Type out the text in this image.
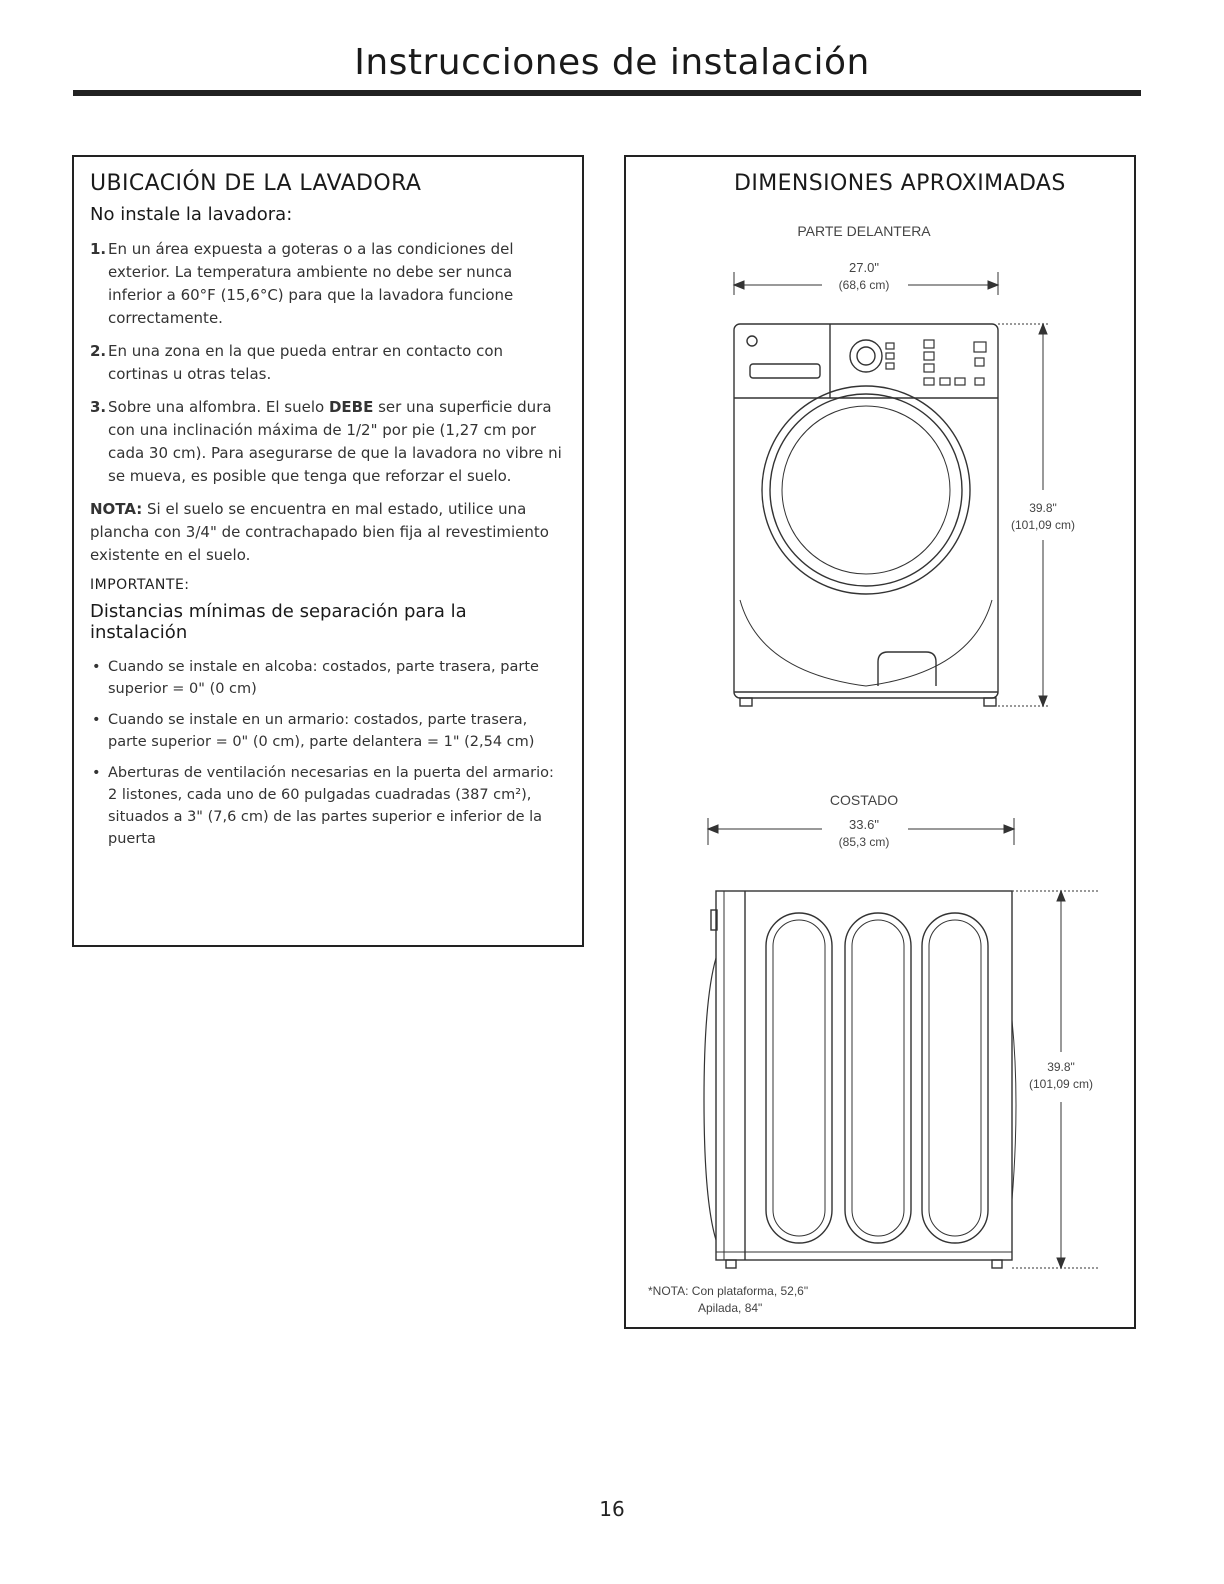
Instrucciones de instalación
UBICACIÓN DE LA LAVADORA
No instale la lavadora:
1. En un área expuesta a goteras o a las condiciones del exterior. La temperatura ambiente no debe ser nunca inferior a 60°F (15,6°C) para que la lavadora funcione correctamente.
2. En una zona en la que pueda entrar en contacto con cortinas u otras telas.
3. Sobre una alfombra. El suelo DEBE ser una superficie dura con una inclinación máxima de 1/2" por pie (1,27 cm por cada 30 cm). Para asegurarse de que la lavadora no vibre ni se mueva, es posible que tenga que reforzar el suelo.

NOTA: Si el suelo se encuentra en mal estado, utilice una plancha con 3/4" de contrachapado bien fija al revestimiento existente en el suelo.

IMPORTANTE:
Distancias mínimas de separación para la instalación
• Cuando se instale en alcoba: costados, parte trasera, parte superior = 0" (0 cm)
• Cuando se instale en un armario: costados, parte trasera, parte superior = 0" (0 cm), parte delantera = 1" (2,54 cm)
• Aberturas de ventilación necesarias en la puerta del armario: 2 listones, cada uno de 60 pulgadas cuadradas (387 cm²), situados a 3" (7,6 cm) de las partes superior e inferior de la puerta
DIMENSIONES APROXIMADAS
PARTE DELANTERA
27.0"
(68,6 cm)
39.8"
(101,09 cm)
COSTADO
33.6"
(85,3 cm)
39.8"
(101,09 cm)
*NOTA: Con plataforma, 52,6"
Apilada, 84"
16
